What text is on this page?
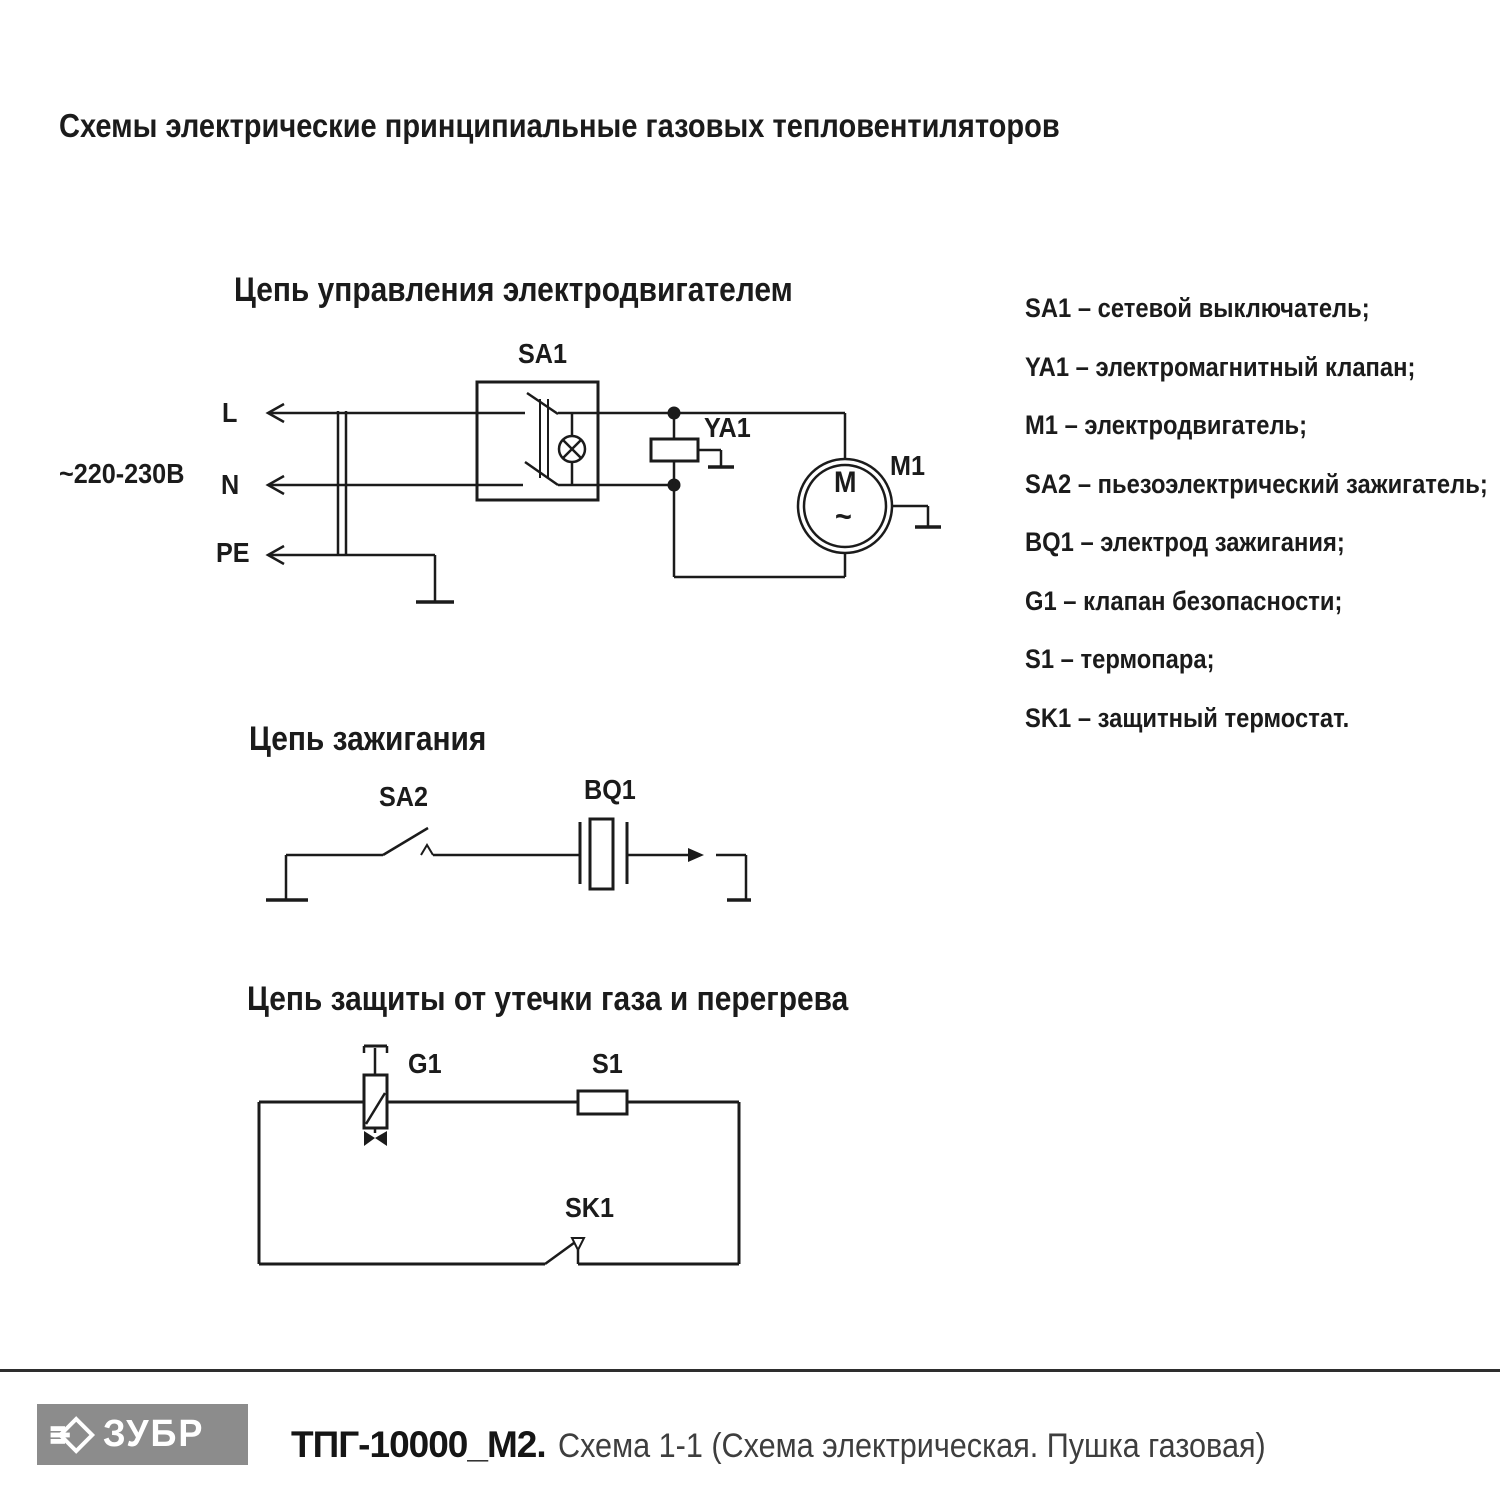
Схемы электрические принципиальные газовых тепловентиляторов
Цепь управления электродвигателем
Цепь зажигания
Цепь защиты от утечки газа и перегрева
~220-230В
L
N
PE
SA1
YA1
M1
M
~
SA2	BQ1
G1	S1
SK1
SA1 – сетевой выключатель;
YA1 – электромагнитный клапан;
M1 – электродвигатель;
SA2 – пьезоэлектрический зажигатель;
BQ1 – электрод зажигания;
G1 – клапан безопасности;
S1 – термопара;
SK1 – защитный термостат.
ЗУБР ТПГ-10000_М2. Схема 1-1 (Схема электрическая. Пушка газовая)
